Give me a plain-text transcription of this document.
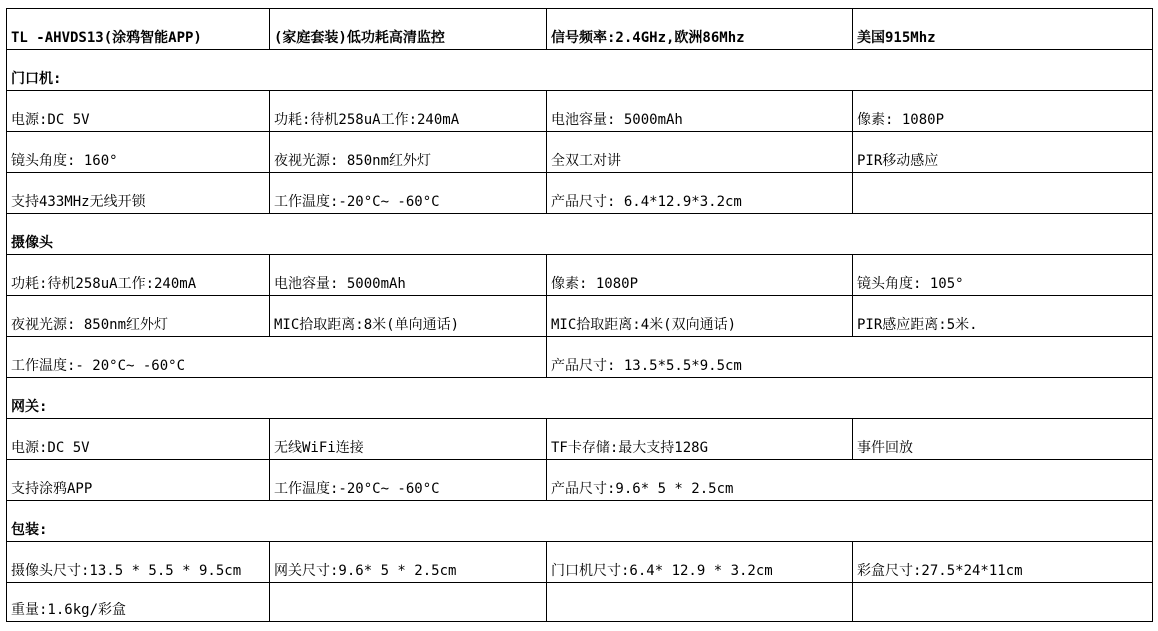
TL -AHVDS13(涂鸦智能APP)	(家庭套装)低功耗高清监控	信号频率:2.4GHz,欧洲86Mhz	美国915Mhz
门口机:			
电源:DC 5V	功耗:待机258uA工作:240mA	电池容量: 5000mAh	像素: 1080P
镜头角度: 160°	夜视光源: 850nm红外灯	全双工对讲	PIR移动感应
支持433MHz无线开锁	工作温度:-20°C~ -60°C	产品尺寸: 6.4*12.9*3.2cm	
摄像头			
功耗:待机258uA工作:240mA	电池容量: 5000mAh	像素: 1080P	镜头角度: 105°
夜视光源: 850nm红外灯	MIC拾取距离:8米(单向通话)	MIC拾取距离:4米(双向通话)	PIR感应距离:5米.
工作温度:- 20°C~ -60°C		产品尺寸: 13.5*5.5*9.5cm	
网关:			
电源:DC 5V	无线WiFi连接	TF卡存储:最大支持128G	事件回放
支持涂鸦APP	工作温度:-20°C~ -60°C	产品尺寸:9.6* 5 * 2.5cm	
包装:			
摄像头尺寸:13.5 * 5.5 * 9.5cm	网关尺寸:9.6* 5 * 2.5cm	门口机尺寸:6.4* 12.9 * 3.2cm	彩盒尺寸:27.5*24*11cm
重量:1.6kg/彩盒			
